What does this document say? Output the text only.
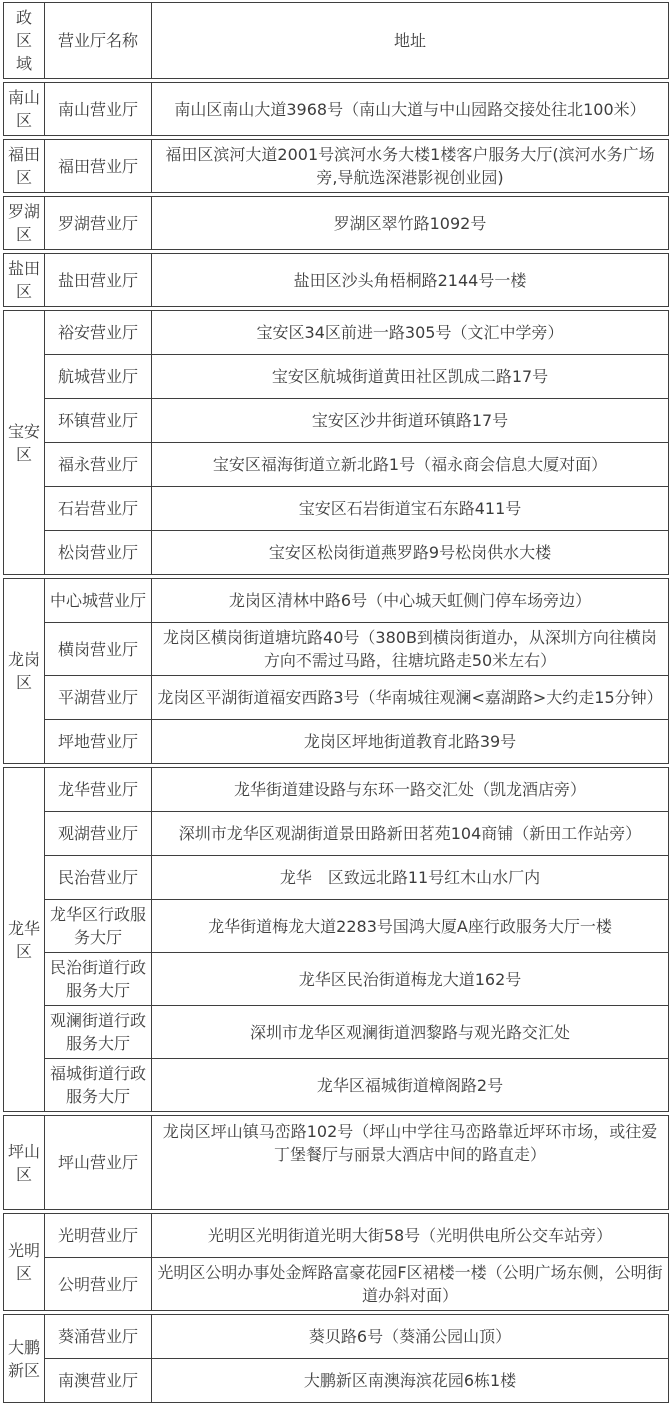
政区域	营业厅名称	地址
南山区	南山营业厅	南山区南山大道3968号（南山大道与中山园路交接处往北100米）
福田区	福田营业厅	福田区滨河大道2001号滨河水务大楼1楼客户服务大厅(滨河水务广场旁,导航选深港影视创业园)
罗湖区	罗湖营业厅	罗湖区翠竹路1092号
盐田区	盐田营业厅	盐田区沙头角梧桐路2144号一楼
宝安区	裕安营业厅	宝安区34区前进一路305号（文汇中学旁）
	航城营业厅	宝安区航城街道黄田社区凯成二路17号
	环镇营业厅	宝安区沙井街道环镇路17号
	福永营业厅	宝安区福海街道立新北路1号（福永商会信息大厦对面）
	石岩营业厅	宝安区石岩街道宝石东路411号
	松岗营业厅	宝安区松岗街道燕罗路9号松岗供水大楼
龙岗区	中心城营业厅	龙岗区清林中路6号（中心城天虹侧门停车场旁边）
	横岗营业厅	龙岗区横岗街道塘坑路40号（380B到横岗街道办，从深圳方向往横岗方向不需过马路，往塘坑路走50米左右）
	平湖营业厅	龙岗区平湖街道福安西路3号（华南城往观澜<嘉湖路>大约走15分钟）
	坪地营业厅	龙岗区坪地街道教育北路39号
龙华区	龙华营业厅	龙华街道建设路与东环一路交汇处（凯龙酒店旁）
	观湖营业厅	深圳市龙华区观湖街道景田路新田茗苑104商铺（新田工作站旁）
	民治营业厅	龙华　区致远北路11号红木山水厂内
	龙华区行政服务大厅	龙华街道梅龙大道2283号国鸿大厦A座行政服务大厅一楼
	民治街道行政服务大厅	龙华区民治街道梅龙大道162号
	观澜街道行政服务大厅	深圳市龙华区观澜街道泗黎路与观光路交汇处
	福城街道行政服务大厅	龙华区福城街道樟阁路2号
坪山区	坪山营业厅	龙岗区坪山镇马峦路102号（坪山中学往马峦路靠近坪环市场，或往爱丁堡餐厅与丽景大酒店中间的路直走）
光明区	光明营业厅	光明区光明街道光明大街58号（光明供电所公交车站旁）
	公明营业厅	光明区公明办事处金辉路富豪花园F区裙楼一楼（公明广场东侧，公明街道办斜对面）
大鹏新区	葵涌营业厅	葵贝路6号（葵涌公园山顶）
	南澳营业厅	大鹏新区南澳海滨花园6栋1楼
